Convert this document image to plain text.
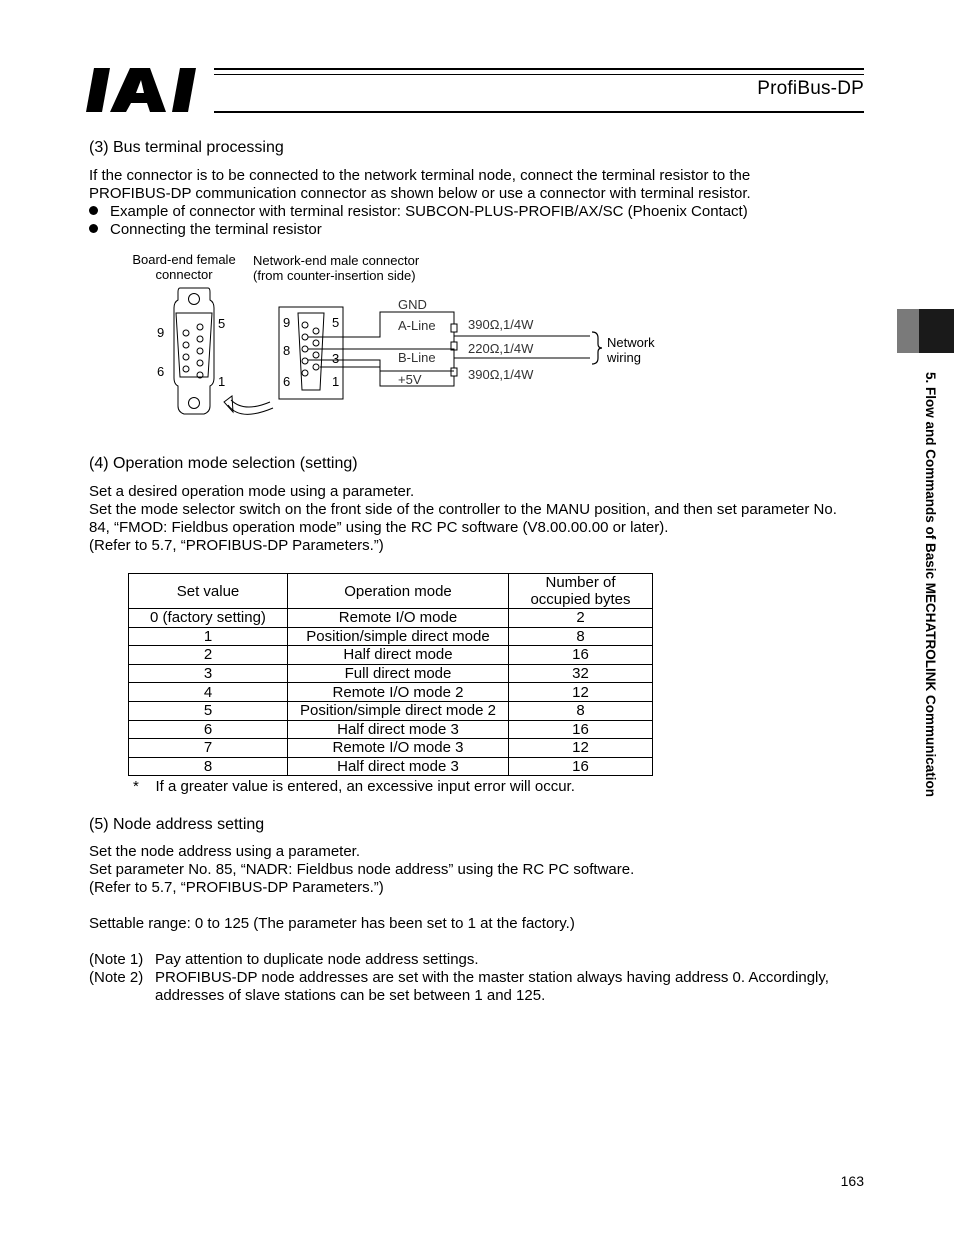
ProfiBus-DP
5. Flow and Commands of Basic MECHATROLINK Communication
(3) Bus terminal processing
If the connector is to be connected to the network terminal node, connect the terminal resistor to the
PROFIBUS-DP communication connector as shown below or use a connector with terminal resistor.
Example of connector with terminal resistor: SUBCON-PLUS-PROFIB/AX/SC (Phoenix Contact)
Connecting the terminal resistor
Board-end female
connector
Network-end male connector
(from counter-insertion side)
9
5
6
1
9	5
8
3
6	1
GND
A-Line
B-Line
+5V
390Ω,1/4W
220Ω,1/4W
390Ω,1/4W
Network
wiring
(4) Operation mode selection (setting)
Set a desired operation mode using a parameter.
Set the mode selector switch on the front side of the controller to the MANU position, and then set parameter No.
84, “FMOD: Fieldbus operation mode” using the RC PC software (V8.00.00.00 or later).
(Refer to 5.7, “PROFIBUS-DP Parameters.”)
Set value	Operation mode	Number of
occupied bytes

0 (factory setting)	Remote I/O mode	2
1	Position/simple direct mode	8
2	Half direct mode	16
3	Full direct mode	32
4	Remote I/O mode 2	12
5	Position/simple direct mode 2	8
6	Half direct mode 3	16
7	Remote I/O mode 3	12
8	Half direct mode 3	16
*    If a greater value is entered, an excessive input error will occur.
(5) Node address setting
Set the node address using a parameter.
Set parameter No. 85, “NADR: Fieldbus node address” using the RC PC software.
(Refer to 5.7, “PROFIBUS-DP Parameters.”)
Settable range: 0 to 125 (The parameter has been set to 1 at the factory.)
(Note 1) Pay attention to duplicate node address settings.
(Note 2) PROFIBUS-DP node addresses are set with the master station always having address 0. Accordingly,
addresses of slave stations can be set between 1 and 125.
163
